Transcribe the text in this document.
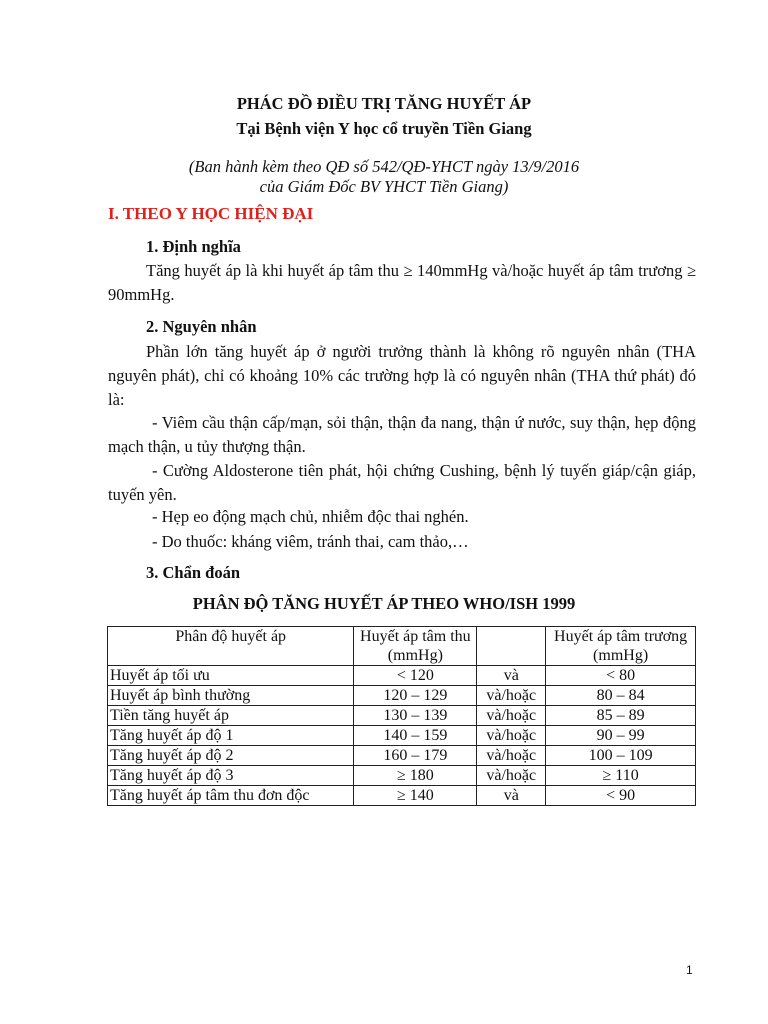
PHÁC ĐỒ ĐIỀU TRỊ TĂNG HUYẾT ÁP
Tại Bệnh viện Y học cổ truyền Tiền Giang
(Ban hành kèm theo QĐ số 542/QĐ-YHCT ngày 13/9/2016
của Giám Đốc BV YHCT Tiền Giang)
I. THEO Y HỌC HIỆN ĐẠI
1. Định nghĩa
Tăng huyết áp là khi huyết áp tâm thu ≥ 140mmHg và/hoặc huyết áp tâm trương ≥ 90mmHg.
2. Nguyên nhân
Phần lớn tăng huyết áp ở người trưởng thành là không rõ nguyên nhân (THA nguyên phát), chỉ có khoảng 10% các trường hợp là có nguyên nhân (THA thứ phát) đó là:
- Viêm cầu thận cấp/mạn, sỏi thận, thận đa nang, thận ứ nước, suy thận, hẹp động mạch thận, u tủy thượng thận.
- Cường Aldosterone tiên phát, hội chứng Cushing, bệnh lý tuyến giáp/cận giáp, tuyến yên.
- Hẹp eo động mạch chủ, nhiễm độc thai nghén.
- Do thuốc: kháng viêm, tránh thai, cam thảo,…
3. Chẩn đoán
PHÂN ĐỘ TĂNG HUYẾT ÁP THEO WHO/ISH 1999
Phân độ huyết áp	Huyết áp tâm thu (mmHg)		Huyết áp tâm trương (mmHg)
Huyết áp tối ưu	< 120	và	< 80
Huyết áp bình thường	120 – 129	và/hoặc	80 – 84
Tiền tăng huyết áp	130 – 139	và/hoặc	85 – 89
Tăng huyết áp độ 1	140 – 159	và/hoặc	90 – 99
Tăng huyết áp độ 2	160 – 179	và/hoặc	100 – 109
Tăng huyết áp độ 3	≥ 180	và/hoặc	≥ 110
Tăng huyết áp tâm thu đơn độc	≥ 140	và	< 90
1
